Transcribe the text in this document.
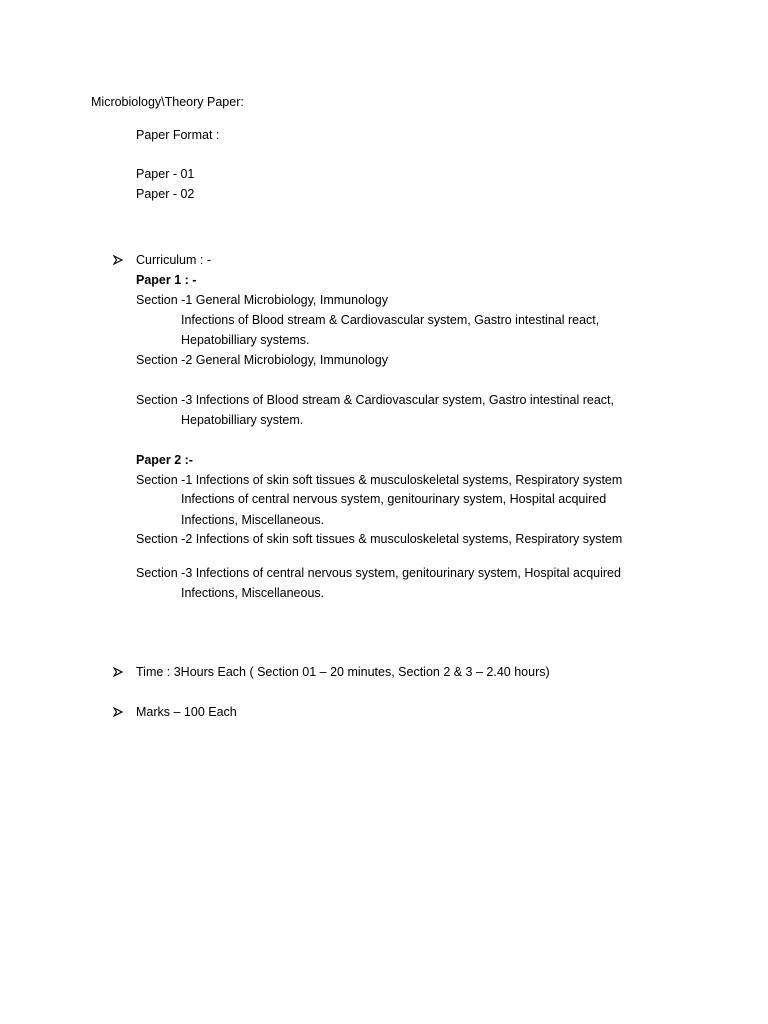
Microbiology\Theory Paper:
Paper Format :
Paper - 01
Paper - 02
Curriculum : -
Paper 1 : -
Section -1 General Microbiology, Immunology
Infections of Blood stream & Cardiovascular system, Gastro intestinal react,
Hepatobilliary systems.
Section -2 General Microbiology, Immunology
Section -3 Infections of Blood stream & Cardiovascular system, Gastro intestinal react,
Hepatobilliary system.
Paper 2 :-
Section -1 Infections of skin soft tissues & musculoskeletal systems, Respiratory system
Infections of central nervous system, genitourinary system, Hospital acquired
Infections, Miscellaneous.
Section -2 Infections of skin soft tissues & musculoskeletal systems, Respiratory system
Section -3 Infections of central nervous system, genitourinary system, Hospital acquired
Infections, Miscellaneous.
Time : 3Hours Each ( Section 01 – 20 minutes, Section 2 & 3 – 2.40 hours)
Marks – 100 Each
